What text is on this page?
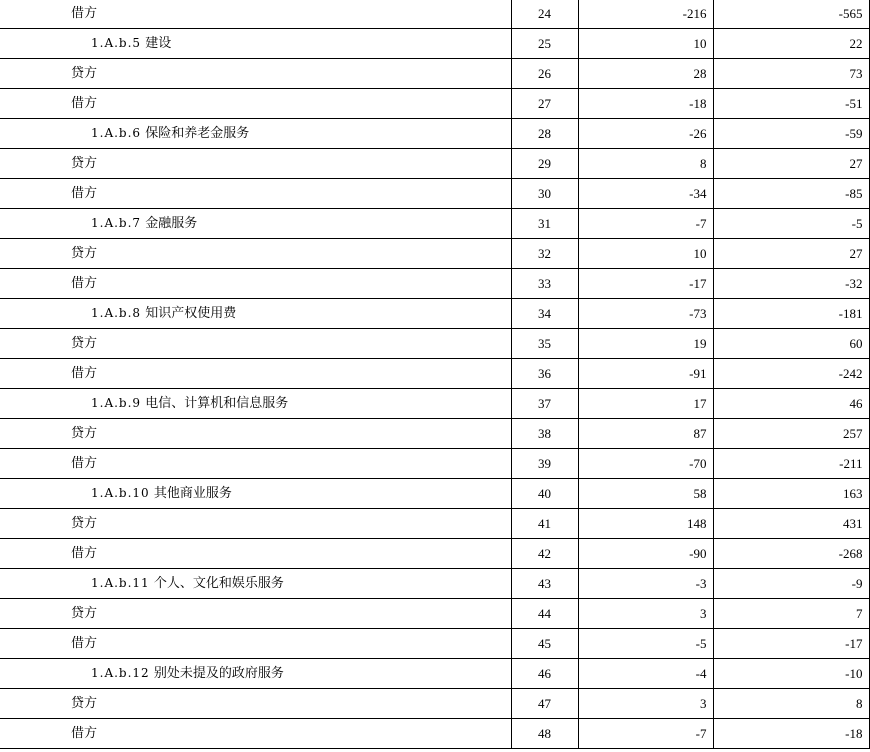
借方	24	-216	-565
1.A.b.5 建设	25	10	22
贷方	26	28	73
借方	27	-18	-51
1.A.b.6 保险和养老金服务	28	-26	-59
贷方	29	8	27
借方	30	-34	-85
1.A.b.7 金融服务	31	-7	-5
贷方	32	10	27
借方	33	-17	-32
1.A.b.8 知识产权使用费	34	-73	-181
贷方	35	19	60
借方	36	-91	-242
1.A.b.9 电信、计算机和信息服务	37	17	46
贷方	38	87	257
借方	39	-70	-211
1.A.b.10 其他商业服务	40	58	163
贷方	41	148	431
借方	42	-90	-268
1.A.b.11 个人、文化和娱乐服务	43	-3	-9
贷方	44	3	7
借方	45	-5	-17
1.A.b.12 别处未提及的政府服务	46	-4	-10
贷方	47	3	8
借方	48	-7	-18
